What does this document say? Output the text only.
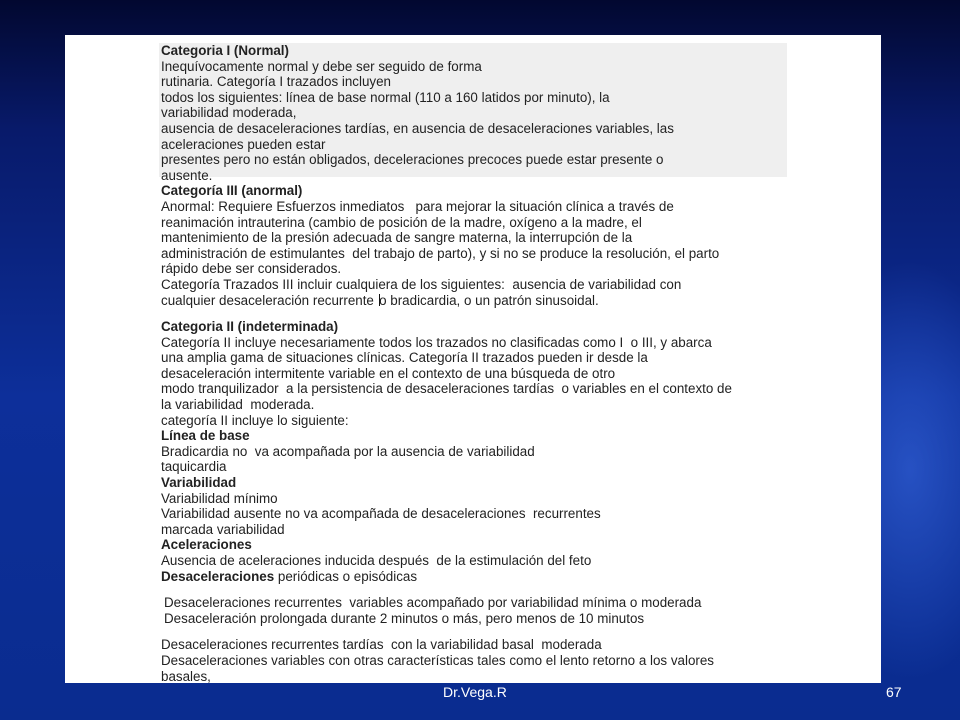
Categoria I (Normal)

Inequívocamente normal y debe ser seguido de forma

rutinaria. Categoría I trazados incluyen

todos los siguientes: línea de base normal (110 a 160 latidos por minuto), la

variabilidad moderada,

ausencia de desaceleraciones tardías, en ausencia de desaceleraciones variables, las

aceleraciones pueden estar

presentes pero no están obligados, deceleraciones precoces puede estar presente o

ausente.

Categoría III (anormal)

Anormal: Requiere Esfuerzos inmediatos   para mejorar la situación clínica a través de

reanimación intrauterina (cambio de posición de la madre, oxígeno a la madre, el

mantenimiento de la presión adecuada de sangre materna, la interrupción de la

administración de estimulantes  del trabajo de parto), y si no se produce la resolución, el parto

rápido debe ser considerados.

Categoría Trazados III incluir cualquiera de los siguientes:  ausencia de variabilidad con

cualquier desaceleración recurrente o bradicardia, o un patrón sinusoidal.

Categoria II (indeterminada)

Categoría II incluye necesariamente todos los trazados no clasificadas como I  o III, y abarca

una amplia gama de situaciones clínicas. Categoría II trazados pueden ir desde la

desaceleración intermitente variable en el contexto de una búsqueda de otro

modo tranquilizador  a la persistencia de desaceleraciones tardías  o variables en el contexto de

la variabilidad  moderada.

categoría II incluye lo siguiente:

Línea de base

Bradicardia no  va acompañada por la ausencia de variabilidad

taquicardia

Variabilidad

Variabilidad mínimo

Variabilidad ausente no va acompañada de desaceleraciones  recurrentes

marcada variabilidad

Aceleraciones

Ausencia de aceleraciones inducida después  de la estimulación del feto

Desaceleraciones periódicas o episódicas

Desaceleraciones recurrentes  variables acompañado por variabilidad mínima o moderada

Desaceleración prolongada durante 2 minutos o más, pero menos de 10 minutos

Desaceleraciones recurrentes tardías  con la variabilidad basal  moderada

Desaceleraciones variables con otras características tales como el lento retorno a los valores

basales,

Dr.Vega.R	67
